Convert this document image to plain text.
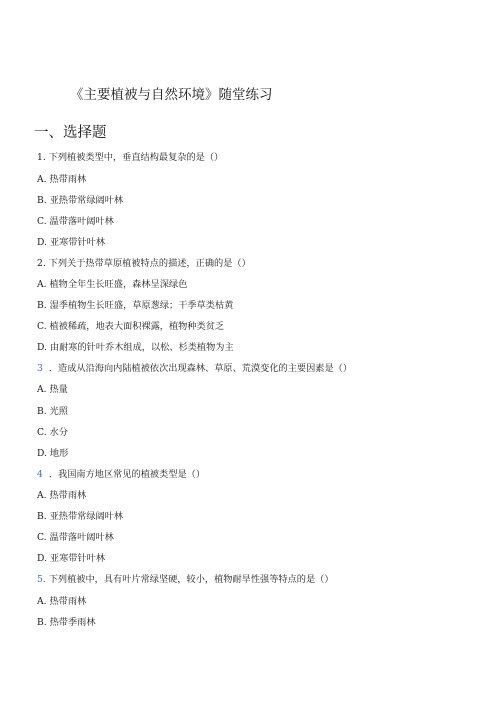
《主要植被与自然环境》随堂练习
一、选择题
1. 下列植被类型中，垂直结构最复杂的是（）
A. 热带雨林
B. 亚热带常绿阔叶林
C. 温带落叶阔叶林
D. 亚寒带针叶林
2. 下列关于热带草原植被特点的描述，正确的是（）
A. 植物全年生长旺盛，森林呈深绿色
B. 湿季植物生长旺盛，草原葱绿；干季草类枯黄
C. 植被稀疏，地表大面积裸露，植物种类贫乏
D. 由耐寒的针叶乔木组成，以松、杉类植物为主
3 ．造成从沿海向内陆植被依次出现森林、草原、荒漠变化的主要因素是（）
A. 热量
B. 光照
C. 水分
D. 地形
4 ．我国南方地区常见的植被类型是（）
A. 热带雨林
B. 亚热带常绿阔叶林
C. 温带落叶阔叶林
D. 亚寒带针叶林
5. 下列植被中，具有叶片常绿坚硬，较小，植物耐旱性强等特点的是（）
A. 热带雨林
B. 热带季雨林
